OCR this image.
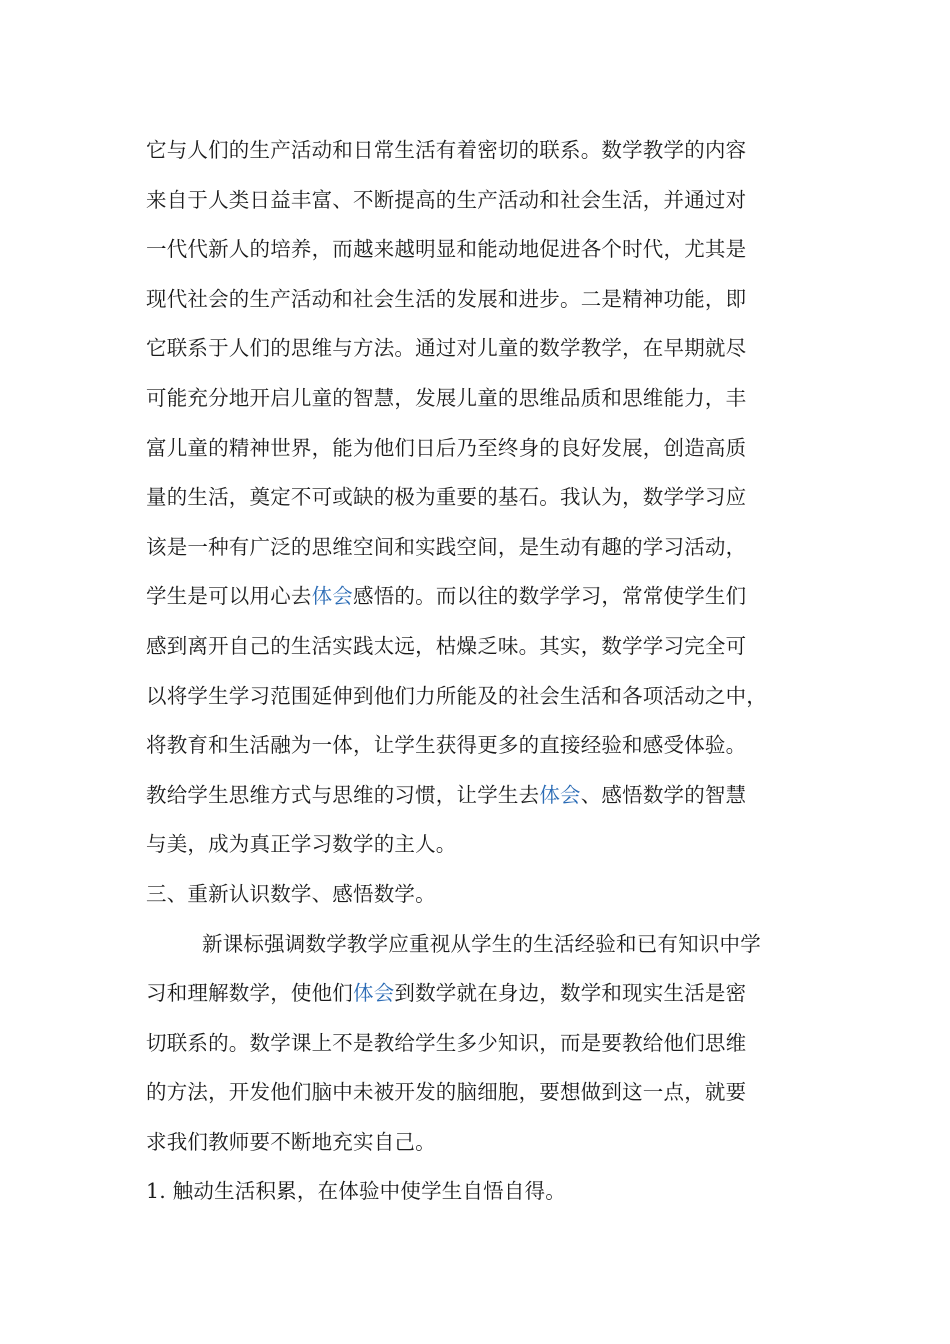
它与人们的生产活动和日常生活有着密切的联系。数学教学的内容
来自于人类日益丰富、不断提高的生产活动和社会生活，并通过对
一代代新人的培养，而越来越明显和能动地促进各个时代，尤其是
现代社会的生产活动和社会生活的发展和进步。二是精神功能，即
它联系于人们的思维与方法。通过对儿童的数学教学，在早期就尽
可能充分地开启儿童的智慧，发展儿童的思维品质和思维能力，丰
富儿童的精神世界，能为他们日后乃至终身的良好发展，创造高质
量的生活，奠定不可或缺的极为重要的基石。我认为，数学学习应
该是一种有广泛的思维空间和实践空间，是生动有趣的学习活动，
学生是可以用心去体会感悟的。而以往的数学学习，常常使学生们
感到离开自己的生活实践太远，枯燥乏味。其实，数学学习完全可
以将学生学习范围延伸到他们力所能及的社会生活和各项活动之中，
将教育和生活融为一体，让学生获得更多的直接经验和感受体验。
教给学生思维方式与思维的习惯，让学生去体会、感悟数学的智慧
与美，成为真正学习数学的主人。
三、重新认识数学、感悟数学。
新课标强调数学教学应重视从学生的生活经验和已有知识中学
习和理解数学，使他们体会到数学就在身边，数学和现实生活是密
切联系的。数学课上不是教给学生多少知识，而是要教给他们思维
的方法，开发他们脑中未被开发的脑细胞，要想做到这一点，就要
求我们教师要不断地充实自己。
1. 触动生活积累，在体验中使学生自悟自得。
